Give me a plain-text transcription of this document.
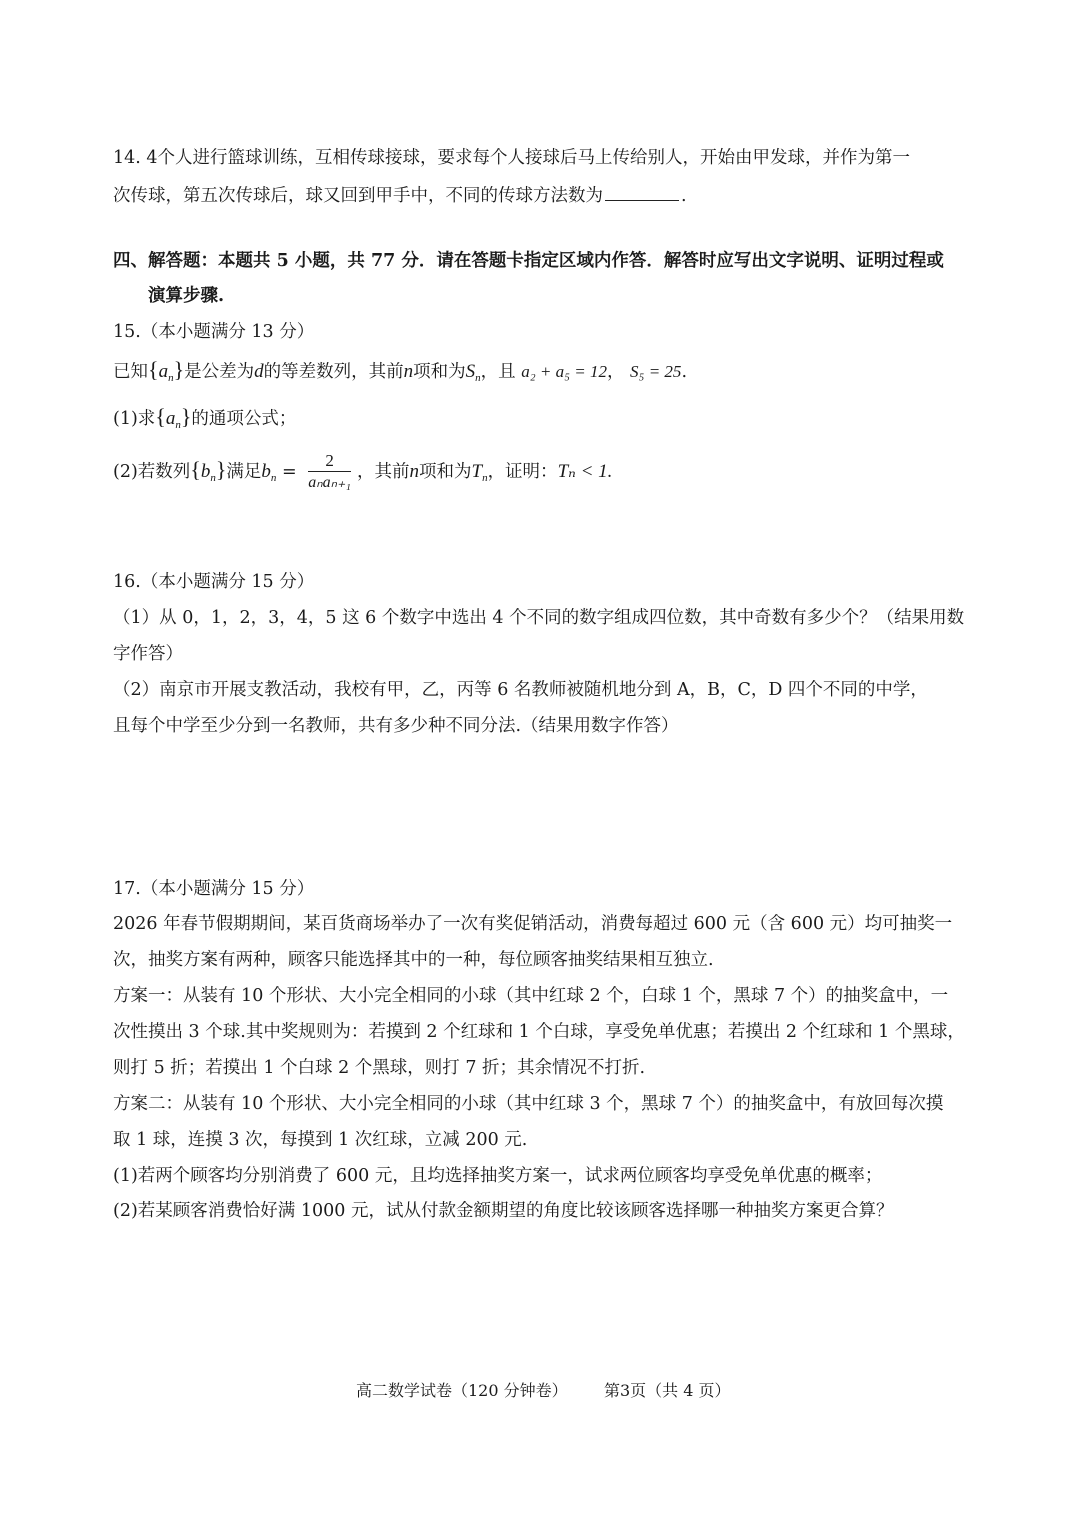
14. 4个人进行篮球训练，互相传球接球，要求每个人接球后马上传给别人，开始由甲发球，并作为第一
次传球，第五次传球后，球又回到甲手中，不同的传球方法数为	.
四、解答题：本题共 5 小题，共 77 分．请在答题卡指定区域内作答．解答时应写出文字说明、证明过程或
演算步骤.
15.（本小题满分 13 分）
已知$\{a_n\}$是公差为d的等差数列，其前n项和为$S_n$，且 a₂ + a₅ = 12， S₅ = 25.
(1)求$\{a_n\}$的通项公式；
(2)若数列$\{b_n\}$满足$b_n = \frac{2}{\text{aₙaₙ₊₁}}$ ，其前n项和为$T_n$，证明：Tₙ < 1.
16.（本小题满分 15 分）
（1）从 0，1，2，3，4，5 这 6 个数字中选出 4 个不同的数字组成四位数，其中奇数有多少个？（结果用数
字作答）
（2）南京市开展支教活动，我校有甲，乙，丙等 6 名教师被随机地分到 A，B，C，D 四个不同的中学，
且每个中学至少分到一名教师，共有多少种不同分法.（结果用数字作答）
17.（本小题满分 15 分）
2026 年春节假期期间，某百货商场举办了一次有奖促销活动，消费每超过 600 元（含 600 元）均可抽奖一
次，抽奖方案有两种，顾客只能选择其中的一种，每位顾客抽奖结果相互独立.
方案一：从装有 10 个形状、大小完全相同的小球（其中红球 2 个，白球 1 个，黑球 7 个）的抽奖盒中，一
次性摸出 3 个球.其中奖规则为：若摸到 2 个红球和 1 个白球，享受免单优惠；若摸出 2 个红球和 1 个黑球，
则打 5 折；若摸出 1 个白球 2 个黑球，则打 7 折；其余情况不打折.
方案二：从装有 10 个形状、大小完全相同的小球（其中红球 3 个，黑球 7 个）的抽奖盒中，有放回每次摸
取 1 球，连摸 3 次，每摸到 1 次红球，立减 200 元.
(1)若两个顾客均分别消费了 600 元，且均选择抽奖方案一，试求两位顾客均享受免单优惠的概率；
(2)若某顾客消费恰好满 1000 元，试从付款金额期望的角度比较该顾客选择哪一种抽奖方案更合算？
高二数学试卷（120 分钟卷） 第3页（共 4 页）
